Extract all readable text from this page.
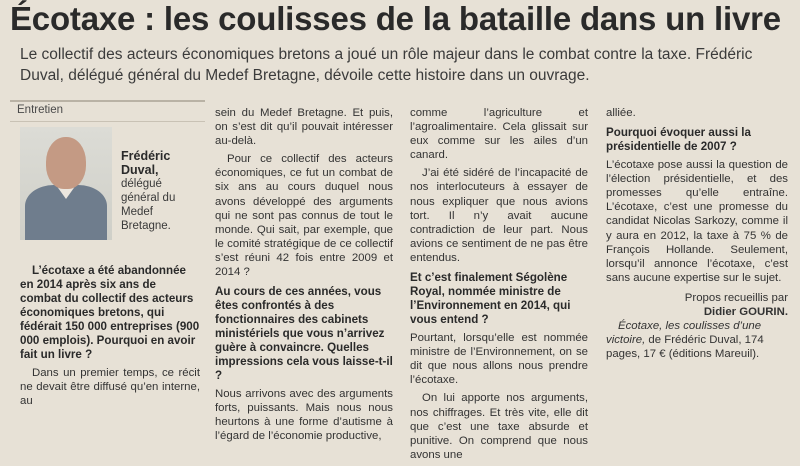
Écotaxe : les coulisses de la bataille dans un livre
Le collectif des acteurs économiques bretons a joué un rôle majeur dans le combat contre la taxe. Frédéric Duval, délégué général du Medef Bretagne, dévoile cette histoire dans un ouvrage.
Entretien
Frédéric Duval,
délégué général du Medef Bretagne.
L’écotaxe a été abandonnée en 2014 après six ans de combat du collectif des acteurs économiques bretons, qui fédérait 150 000 entreprises (900 000 emplois). Pourquoi en avoir fait un livre ?

Dans un premier temps, ce récit ne devait être diffusé qu’en interne, au

sein du Medef Bretagne. Et puis, on s’est dit qu’il pouvait intéresser au-delà.

Pour ce collectif des acteurs économiques, ce fut un combat de six ans au cours duquel nous avons développé des arguments qui ne sont pas connus de tout le monde. Qui sait, par exemple, que le comité stratégique de ce collectif s’est réuni 42 fois entre 2009 et 2014 ?

Au cours de ces années, vous êtes confrontés à des fonctionnaires des cabinets ministériels que vous n’arrivez guère à convaincre. Quelles impressions cela vous laisse-t-il ?

Nous arrivons avec des arguments forts, puissants. Mais nous nous heurtons à une forme d’autisme à l’égard de l’économie productive,

comme l’agriculture et l’agroalimentaire. Cela glissait sur eux comme sur les ailes d’un canard.

J’ai été sidéré de l’incapacité de nos interlocuteurs à essayer de nous expliquer que nous avions tort. Il n’y avait aucune contradiction de leur part. Nous avions ce sentiment de ne pas être entendus.

Et c’est finalement Ségolène Royal, nommée ministre de l’Environnement en 2014, qui vous entend ?

Pourtant, lorsqu’elle est nommée ministre de l’Environnement, on se dit que nous allons nous prendre l’écotaxe.

On lui apporte nos arguments, nos chiffrages. Et très vite, elle dit que c’est une taxe absurde et punitive. On comprend que nous avons une

alliée.

Pourquoi évoquer aussi la présidentielle de 2007 ?

L’écotaxe pose aussi la question de l’élection présidentielle, et des promesses qu’elle entraîne. L’écotaxe, c’est une promesse du candidat Nicolas Sarkozy, comme il y aura en 2012, la taxe à 75 % de François Hollande. Seulement, lorsqu’il annonce l’écotaxe, c’est sans aucune expertise sur le sujet.

Propos recueillis par
Didier GOURIN.

Écotaxe, les coulisses d’une victoire, de Frédéric Duval, 174 pages, 17 € (éditions Mareuil).
